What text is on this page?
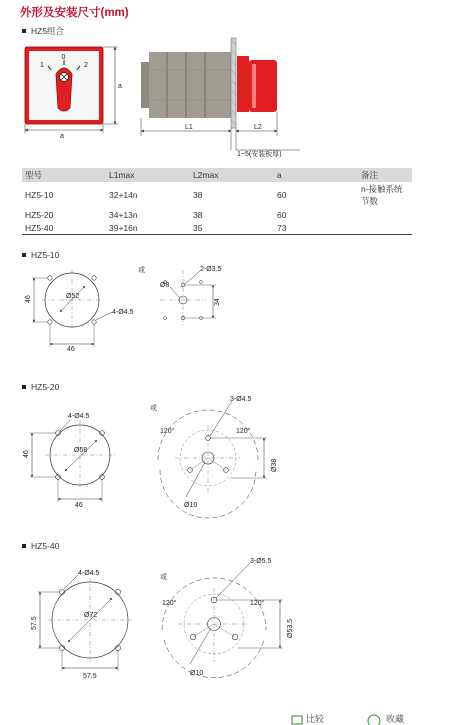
外形及安装尺寸(mm)
HZ5组合
HZ5-10
HZ5-20
HZ5-40
0
1	2
a
a
L1	L2
1~5(安装板厚)
Ø52
4-Ø4.5
46
46
或	2-Ø3.5
Ø8
34
Ø58
4-Ø4.5
46
46
或
3-Ø4.5
120°	120°
Ø38
Ø10
Ø72
4-Ø4.5
57.5
57.5
或
3-Ø5.5
120°	120°
Ø53.5
Ø10
型号	L1max	L2max	a	备注
HZ5-10	32+14n	38	60	n-接触系统节数
HZ5-20	34+13n	38	60	
HZ5-40	39+16n	35	73	
比较	收藏
